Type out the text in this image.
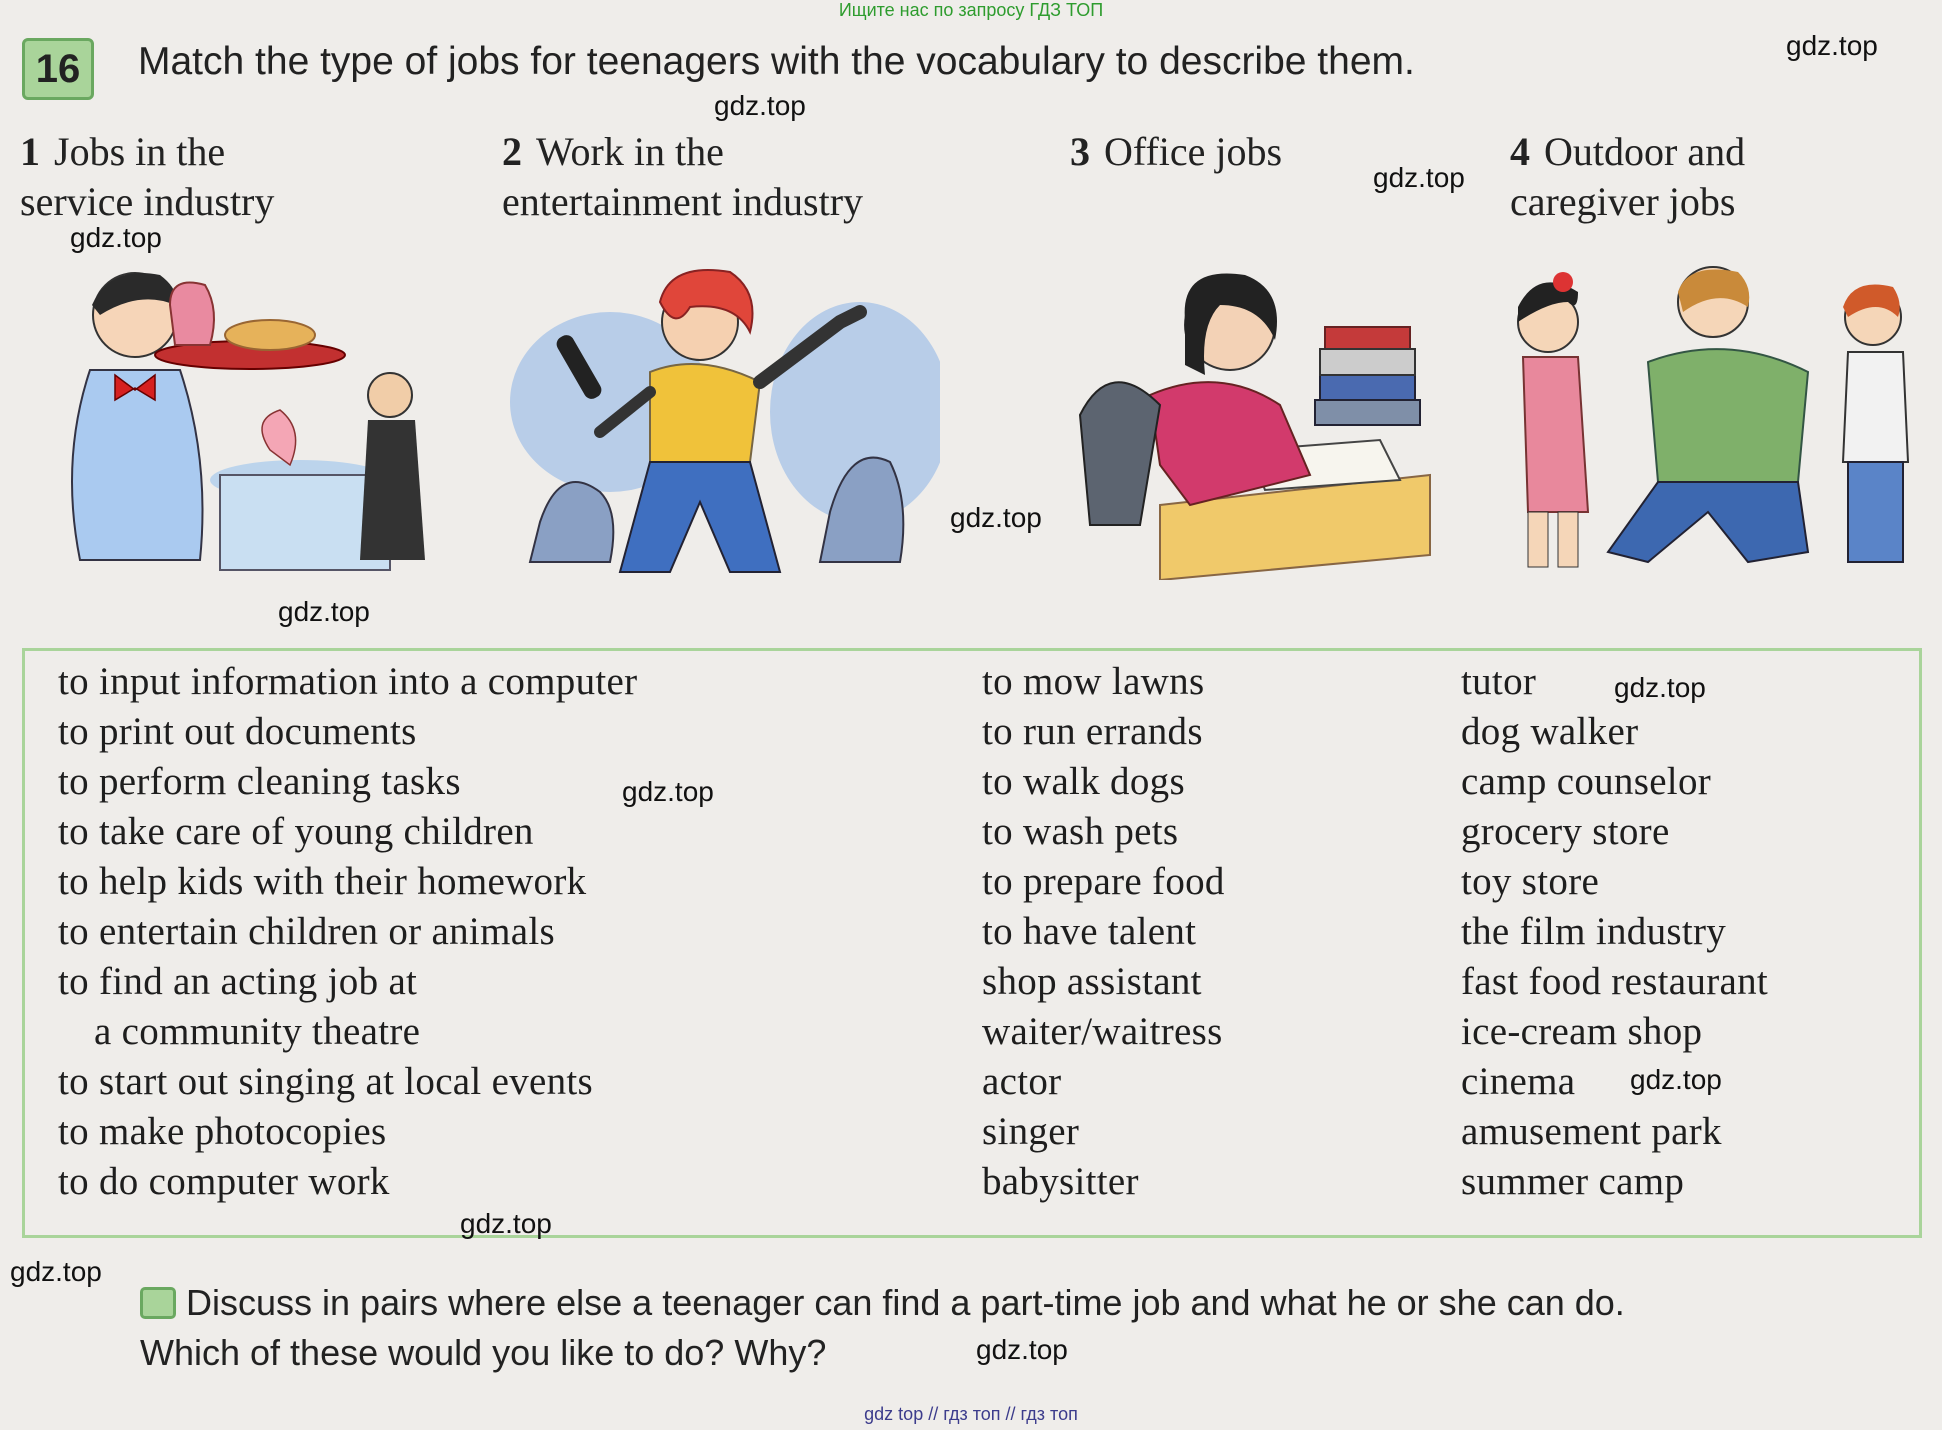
Ищите нас по запросу ГДЗ ТОП
16	Match the type of jobs for teenagers with the vocabulary to describe them.
1 Jobs in the
service industry
2 Work in the
entertainment industry
3 Office jobs	4 Outdoor and
caregiver jobs
to input information into a computer
to print out documents
to perform cleaning tasks
to take care of young children
to help kids with their homework
to entertain children or animals
to find an acting job at
a community theatre
to start out singing at local events
to make photocopies
to do computer work
to mow lawns
to run errands
to walk dogs
to wash pets
to prepare food
to have talent
shop assistant
waiter/waitress
actor
singer
babysitter
tutor
dog walker
camp counselor
grocery store
toy store
the film industry
fast food restaurant
ice-cream shop
cinema
amusement park
summer camp
Discuss in pairs where else a teenager can find a part-time job and what he or she can do.
Which of these would you like to do? Why?
gdz.top
gdz.top
gdz.top
gdz.top
gdz.top
gdz.top
gdz.top
gdz.top
gdz.top
gdz.top
gdz.top
gdz.top
gdz top // гдз топ // гдз топ
